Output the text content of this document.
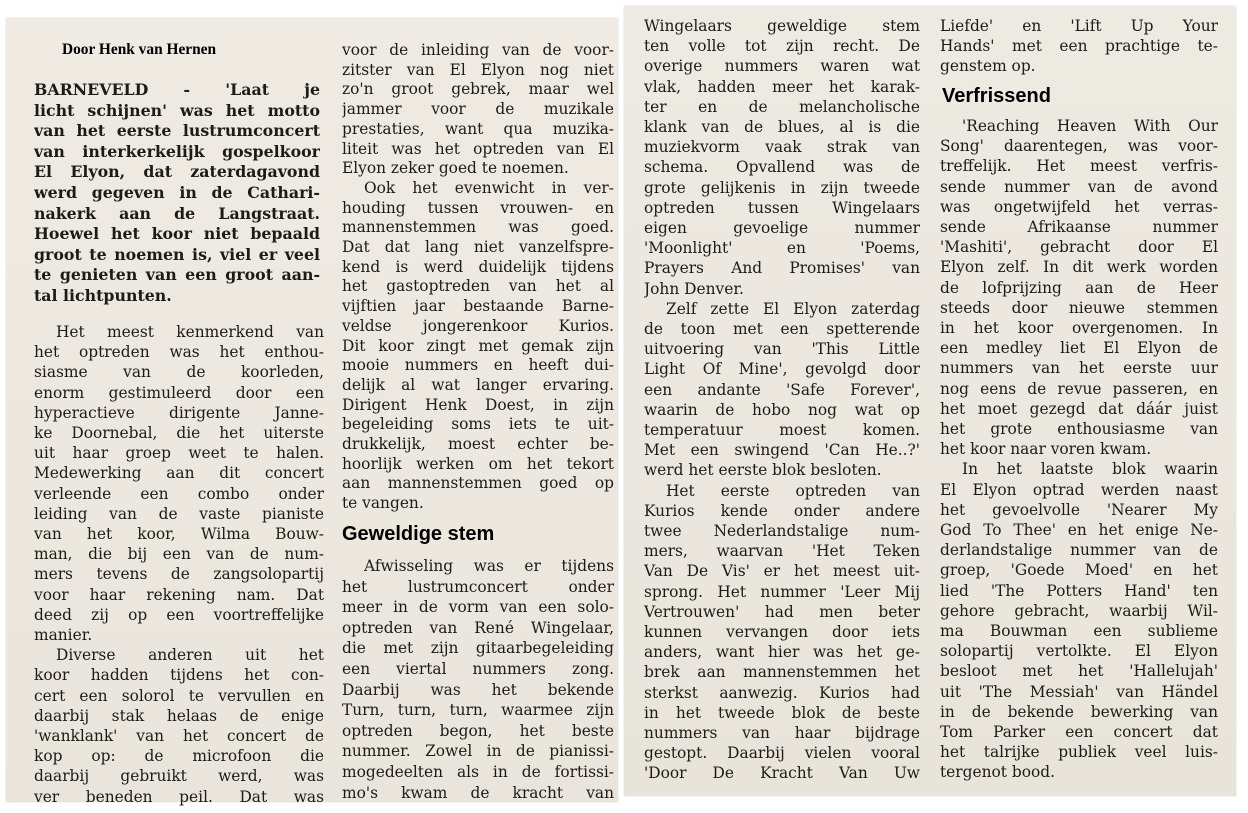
Door Henk van Hernen
BARNEVELD - 'Laat je
licht schijnen' was het motto
van het eerste lustrumconcert
van interkerkelijk gospelkoor
El Elyon, dat zaterdagavond
werd gegeven in de Cathari-
nakerk aan de Langstraat.
Hoewel het koor niet bepaald
groot te noemen is, viel er veel
te genieten van een groot aan-
tal lichtpunten.
Het meest kenmerkend van
het optreden was het enthou-
siasme van de koorleden,
enorm gestimuleerd door een
hyperactieve dirigente Janne-
ke Doornebal, die het uiterste
uit haar groep weet te halen.
Medewerking aan dit concert
verleende een combo onder
leiding van de vaste pianiste
van het koor, Wilma Bouw-
man, die bij een van de num-
mers tevens de zangsolopartij
voor haar rekening nam. Dat
deed zij op een voortreffelijke
manier.
Diverse anderen uit het
koor hadden tijdens het con-
cert een solorol te vervullen en
daarbij stak helaas de enige
'wanklank' van het concert de
kop op: de microfoon die
daarbij gebruikt werd, was
ver beneden peil. Dat was
voor de inleiding van de voor-
zitster van El Elyon nog niet
zo'n groot gebrek, maar wel
jammer voor de muzikale
prestaties, want qua muzika-
liteit was het optreden van El
Elyon zeker goed te noemen.
Ook het evenwicht in ver-
houding tussen vrouwen- en
mannenstemmen was goed.
Dat dat lang niet vanzelfspre-
kend is werd duidelijk tijdens
het gastoptreden van het al
vijftien jaar bestaande Barne-
veldse jongerenkoor Kurios.
Dit koor zingt met gemak zijn
mooie nummers en heeft dui-
delijk al wat langer ervaring.
Dirigent Henk Doest, in zijn
begeleiding soms iets te uit-
drukkelijk, moest echter be-
hoorlijk werken om het tekort
aan mannenstemmen goed op
te vangen.
Geweldige stem
Afwisseling was er tijdens
het lustrumconcert onder
meer in de vorm van een solo-
optreden van René Wingelaar,
die met zijn gitaarbegeleiding
een viertal nummers zong.
Daarbij was het bekende
Turn, turn, turn, waarmee zijn
optreden begon, het beste
nummer. Zowel in de pianissi-
mogedeelten als in de fortissi-
mo's kwam de kracht van
Wingelaars geweldige stem
ten volle tot zijn recht. De
overige nummers waren wat
vlak, hadden meer het karak-
ter en de melancholische
klank van de blues, al is die
muziekvorm vaak strak van
schema. Opvallend was de
grote gelijkenis in zijn tweede
optreden tussen Wingelaars
eigen gevoelige nummer
'Moonlight' en 'Poems,
Prayers And Promises' van
John Denver.
Zelf zette El Elyon zaterdag
de toon met een spetterende
uitvoering van 'This Little
Light Of Mine', gevolgd door
een andante 'Safe Forever',
waarin de hobo nog wat op
temperatuur moest komen.
Met een swingend 'Can He..?'
werd het eerste blok besloten.
Het eerste optreden van
Kurios kende onder andere
twee Nederlandstalige num-
mers, waarvan 'Het Teken
Van De Vis' er het meest uit-
sprong. Het nummer 'Leer Mij
Vertrouwen' had men beter
kunnen vervangen door iets
anders, want hier was het ge-
brek aan mannenstemmen het
sterkst aanwezig. Kurios had
in het tweede blok de beste
nummers van haar bijdrage
gestopt. Daarbij vielen vooral
'Door De Kracht Van Uw
Liefde' en 'Lift Up Your
Hands' met een prachtige te-
genstem op.
Verfrissend
'Reaching Heaven With Our
Song' daarentegen, was voor-
treffelijk. Het meest verfris-
sende nummer van de avond
was ongetwijfeld het verras-
sende Afrikaanse nummer
'Mashiti', gebracht door El
Elyon zelf. In dit werk worden
de lofprijzing aan de Heer
steeds door nieuwe stemmen
in het koor overgenomen. In
een medley liet El Elyon de
nummers van het eerste uur
nog eens de revue passeren, en
het moet gezegd dat dáár juist
het grote enthousiasme van
het koor naar voren kwam.
In het laatste blok waarin
El Elyon optrad werden naast
het gevoelvolle 'Nearer My
God To Thee' en het enige Ne-
derlandstalige nummer van de
groep, 'Goede Moed' en het
lied 'The Potters Hand' ten
gehore gebracht, waarbij Wil-
ma Bouwman een sublieme
solopartij vertolkte. El Elyon
besloot met het 'Hallelujah'
uit 'The Messiah' van Händel
in de bekende bewerking van
Tom Parker een concert dat
het talrijke publiek veel luis-
tergenot bood.
